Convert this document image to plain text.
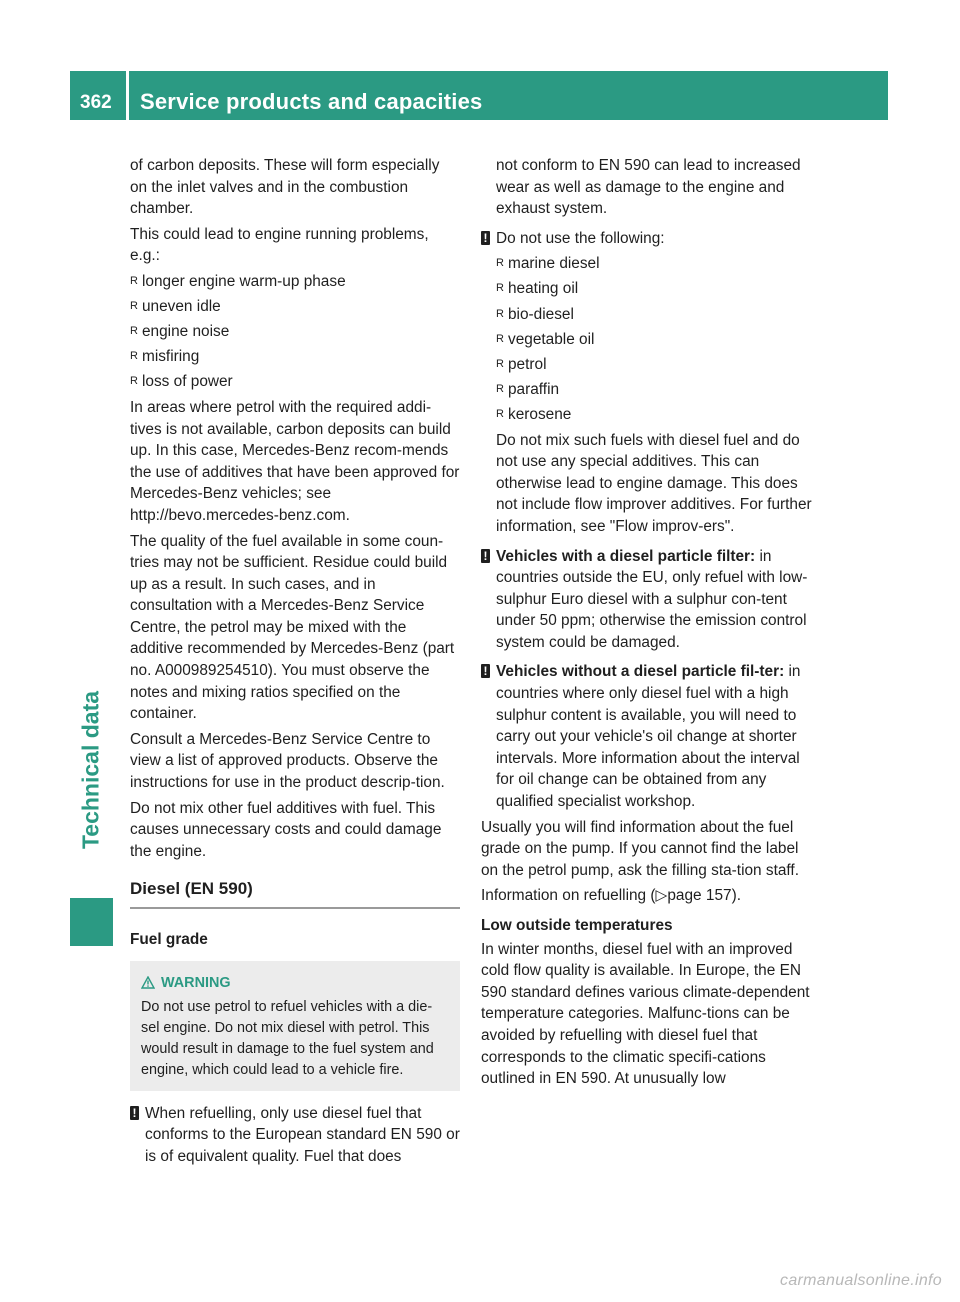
362 Service products and capacities
Technical data

of carbon deposits. These will form especially on the inlet valves and in the combustion chamber.

This could lead to engine running problems, e.g.:

R longer engine warm-up phase
R uneven idle
R engine noise
R misfiring
R loss of power

In areas where petrol with the required addi-tives is not available, carbon deposits can build up. In this case, Mercedes-Benz recom-mends the use of additives that have been approved for Mercedes-Benz vehicles; see http://bevo.mercedes-benz.com.

The quality of the fuel available in some coun-tries may not be sufficient. Residue could build up as a result. In such cases, and in consultation with a Mercedes-Benz Service Centre, the petrol may be mixed with the additive recommended by Mercedes-Benz (part no. A000989254510). You must observe the notes and mixing ratios specified on the container.

Consult a Mercedes-Benz Service Centre to view a list of approved products. Observe the instructions for use in the product descrip-tion.

Do not mix other fuel additives with fuel. This causes unnecessary costs and could damage the engine.

Diesel (EN 590)
Fuel grade
WARNING
Do not use petrol to refuel vehicles with a die-sel engine. Do not mix diesel with petrol. This would result in damage to the fuel system and engine, which could lead to a vehicle fire.
! When refuelling, only use diesel fuel that conforms to the European standard EN 590 or is of equivalent quality. Fuel that does

not conform to EN 590 can lead to increased wear as well as damage to the engine and exhaust system.

! Do not use the following:
R marine diesel
R heating oil
R bio-diesel
R vegetable oil
R petrol
R paraffin
R kerosene

Do not mix such fuels with diesel fuel and do not use any special additives. This can otherwise lead to engine damage. This does not include flow improver additives. For further information, see "Flow improv-ers".

! Vehicles with a diesel particle filter: in countries outside the EU, only refuel with low-sulphur Euro diesel with a sulphur con-tent under 50 ppm; otherwise the emission control system could be damaged.
! Vehicles without a diesel particle fil-ter: in countries where only diesel fuel with a high sulphur content is available, you will need to carry out your vehicle's oil change at shorter intervals. More information about the interval for oil change can be obtained from any qualified specialist workshop.

Usually you will find information about the fuel grade on the pump. If you cannot find the label on the petrol pump, ask the filling sta-tion staff.

Information on refuelling (▷page 157).

Low outside temperatures

In winter months, diesel fuel with an improved cold flow quality is available. In Europe, the EN 590 standard defines various climate-dependent temperature categories. Malfunc-tions can be avoided by refuelling with diesel fuel that corresponds to the climatic specifi-cations outlined in EN 590. At unusually low

carmanualsonline.info
